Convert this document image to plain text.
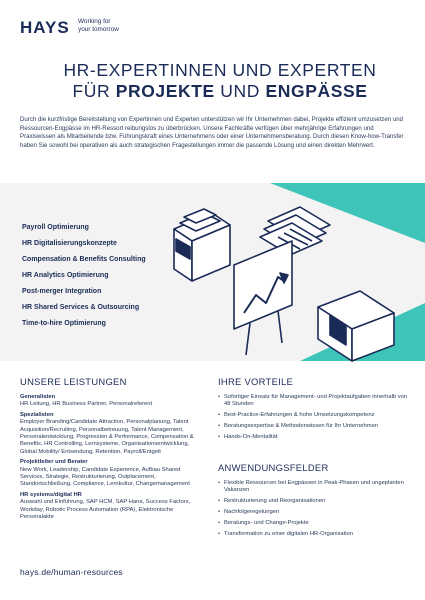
HAYS Working for
your tomorrow
HR-EXPERTINNEN UND EXPERTEN
FÜR PROJEKTE UND ENGPÄSSE

Durch die kurzfristige Bereitstellung von Expertinnen und Experten unterstützen wir Ihr Unternehmen dabei, Projekte effizient umzusetzen und Ressourcen-Engpässe im HR-Ressort reibungslos zu überbrücken. Unsere Fachkräfte verfügen über mehrjährige Erfahrungen und Praxiswissen als Mitarbeitende bzw. Führungskraft eines Unternehmens oder einer Unternehmensberatung. Durch diesen Know-how-Transfer haben Sie sowohl bei operativen als auch strategischen Fragestellungen immer die passende Lösung und einen direkten Mehrwert.

Payroll Optimierung
HR Digitalisierungskonzepte
Compensation & Benefits Consulting
HR Analytics Optimierung
Post-merger Integration
HR Shared Services & Outsourcing
Time-to-hire Optimierung
UNSERE LEISTUNGEN
Generalisten
HR Leitung, HR Business Partner, Personalreferent
Spezialisten
Employer Branding/Candidate Attraction, Personalplanung, Talent Acquisition/Recruiting, Personalbetreuung, Talent Management, Personalentwicklung, Progression & Performance, Compensation & Benefits, HR Controlling, Lernsysteme, Organisationsentwicklung, Global Mobility/ Entsendung, Retention, Payroll/Entgelt
Projektleiter und Berater
New Work, Leadership, Candidate Experience, Aufbau Shared Services, Strategie, Restrukturierung, Outplacement, Standortschließung, Compliance, Lernkultur, Changemanagement
HR systems/digital HR
Auswahl und Einführung, SAP HCM, SAP Hana, Success Factors, Workday, Robotic Process Automation (RPA), Elektronische Personalakte
IHRE VORTEILE
• Sofortiger Einsatz für Management- und Projektaufgaben innerhalb von 48 Stunden
• Best-Practice-Erfahrungen & hohe Umsetzungskompetenz
• Beratungsexpertise & Methodenwissen für Ihr Unternehmen
• Hands-On-Mentalität
ANWENDUNGSFELDER
• Flexible Ressourcen bei Engpässen in Peak-Phasen und ungeplanten Vakanzen
• Restrukturierung und Reorganisationen
• Nachfolgeregelungen
• Beratungs- und Change-Projekte
• Transformation zu einer digitalen HR-Organisation
hays.de/human-resources
